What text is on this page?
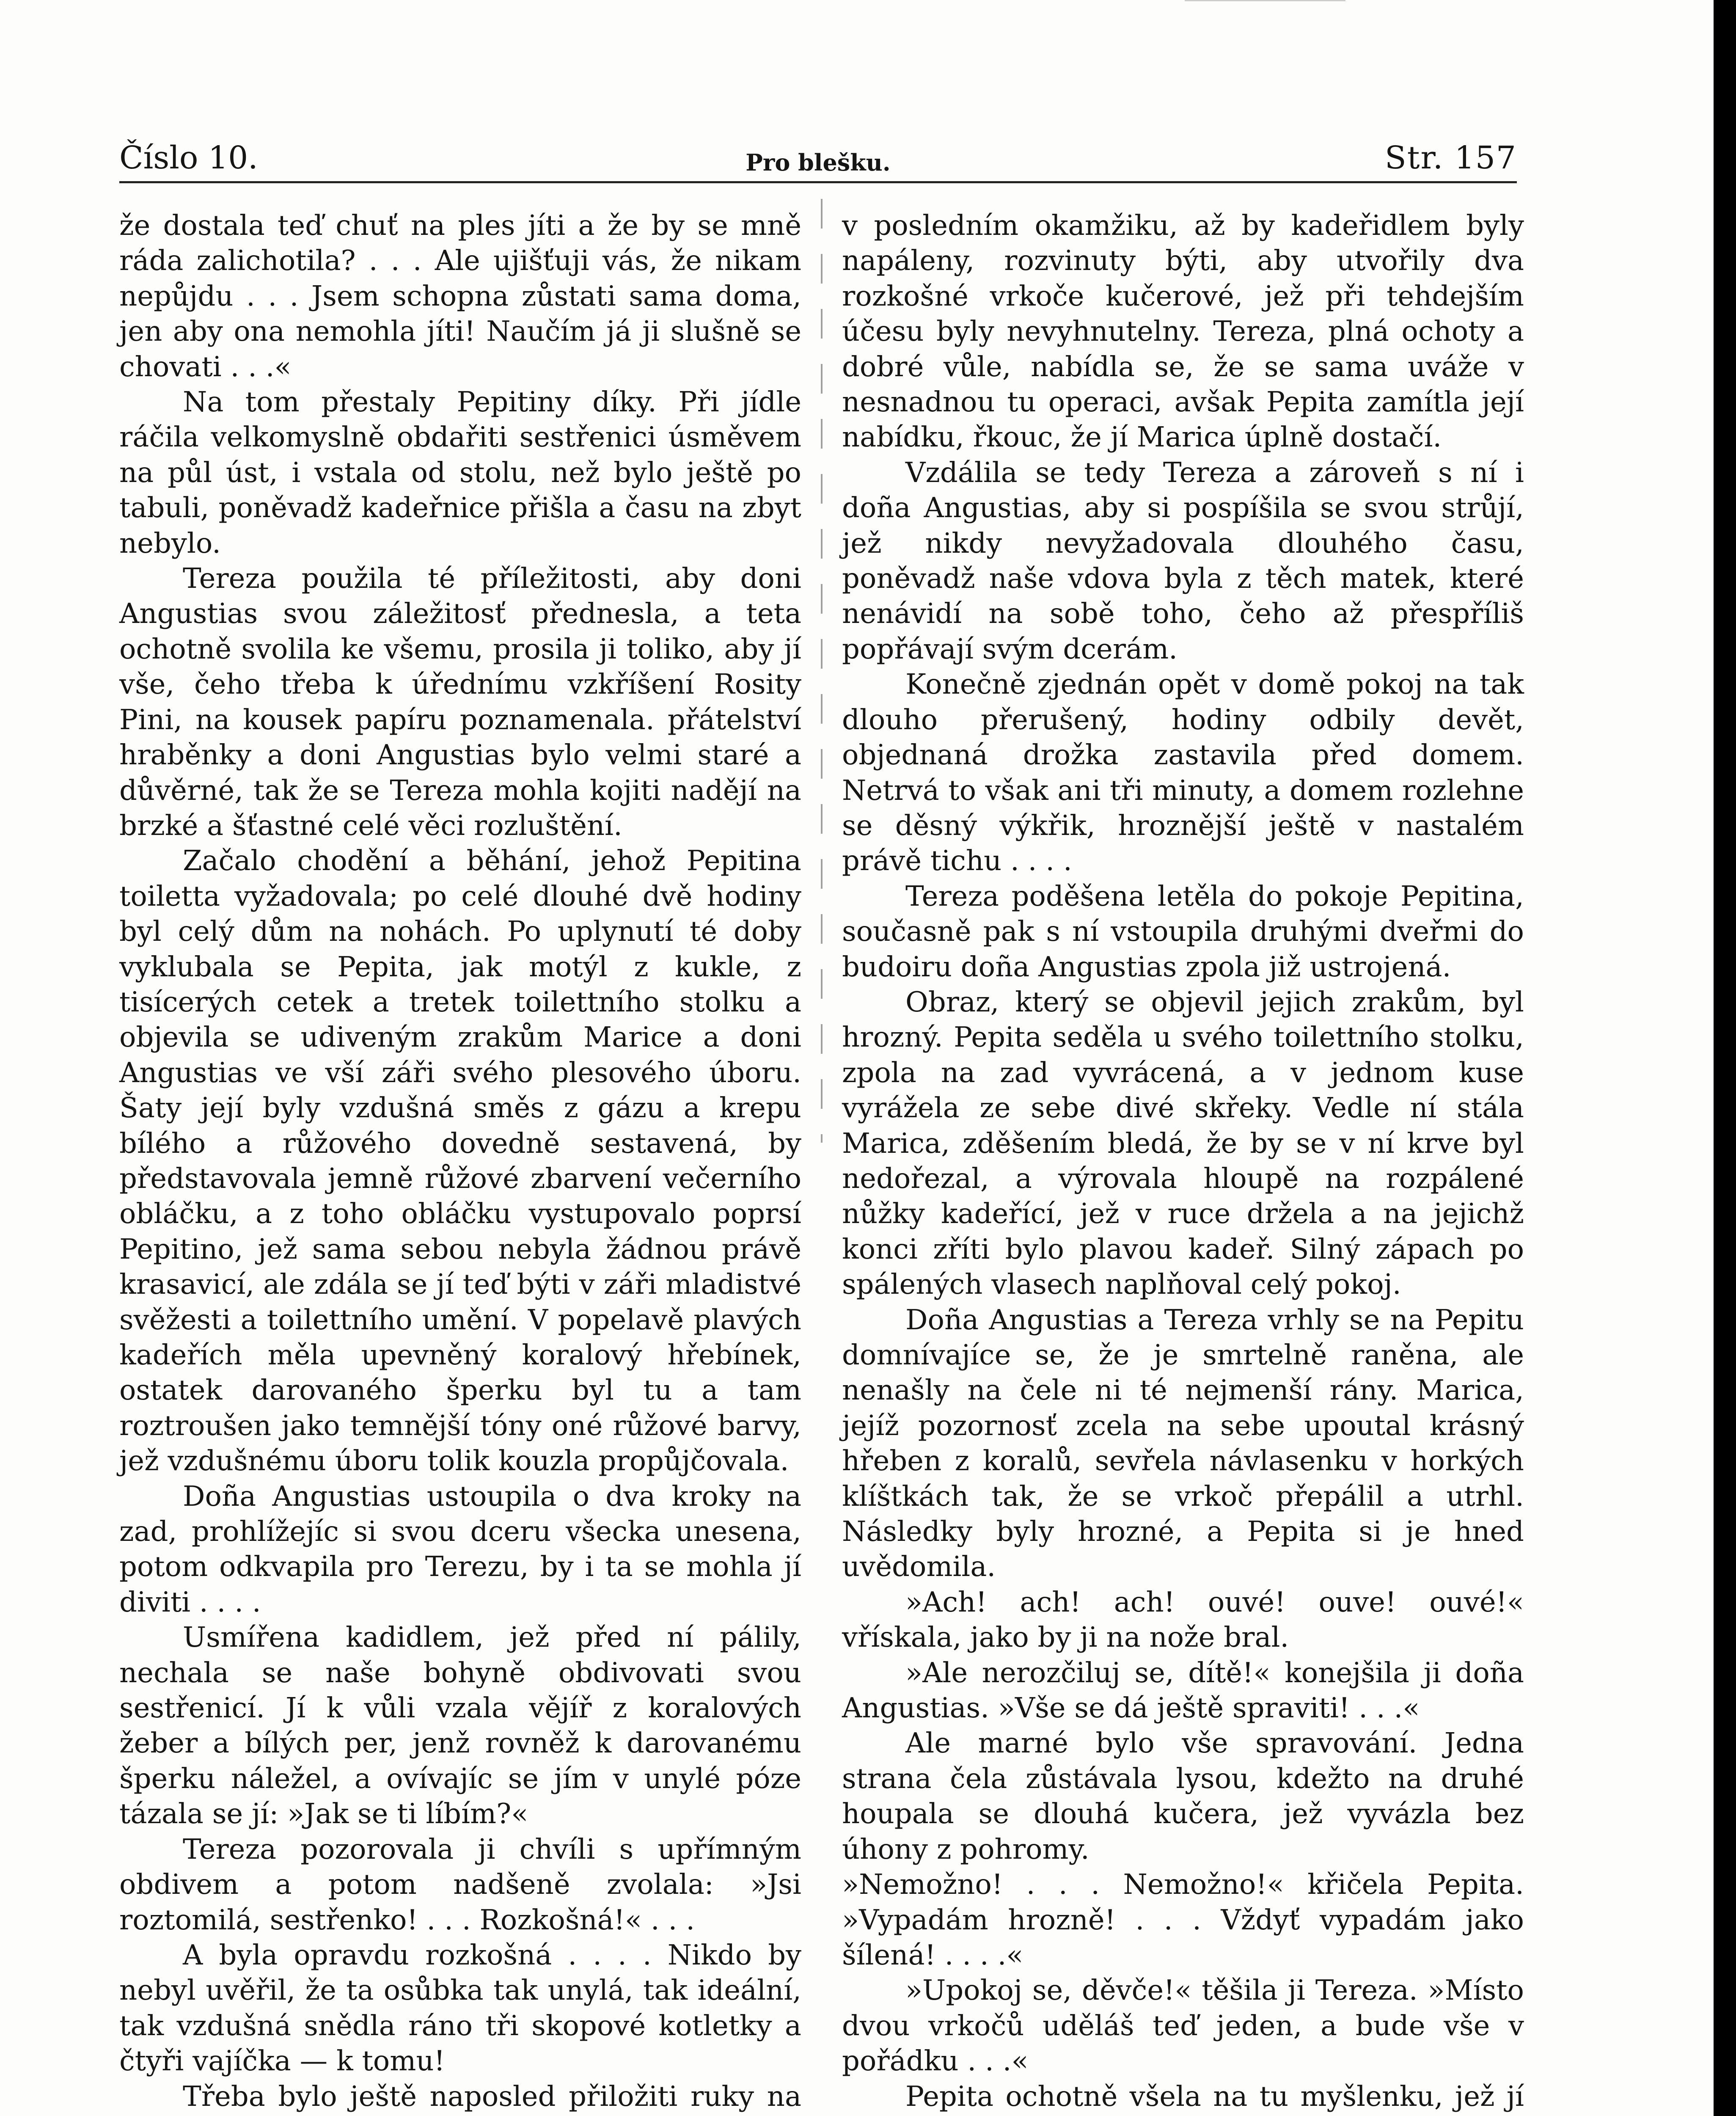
Číslo 10.	Pro blešku.	Str. 157

že dostala teď chuť na ples jíti a že by se mně ráda zalichotila? . . . Ale ujišťuji vás, že nikam nepůjdu . . . Jsem schopna zůstati sama doma, jen aby ona nemohla jíti! Naučím já ji slušně se chovati . . .«

Na tom přestaly Pepitiny díky. Při jídle ráčila velkomyslně obdařiti sestřenici úsměvem na půl úst, i vstala od stolu, než bylo ještě po tabuli, poněvadž kadeřnice přišla a času na zbyt nebylo.

Tereza použila té příležitosti, aby doni Angustias svou záležitosť přednesla, a teta ochotně svolila ke všemu, prosila ji toliko, aby jí vše, čeho třeba k úřednímu vzkříšení Rosity Pini, na kousek papíru poznamenala. přátelství hraběnky a doni Angustias bylo velmi staré a důvěrné, tak že se Tereza mohla kojiti nadějí na brzké a šťastné celé věci rozluštění.

Začalo chodění a běhání, jehož Pepitina toiletta vyžadovala; po celé dlouhé dvě hodiny byl celý dům na nohách. Po uplynutí té doby vyklubala se Pepita, jak motýl z kukle, z tisícerých cetek a tretek toilettního stolku a objevila se udiveným zrakům Marice a doni Angustias ve vší záři svého plesového úboru. Šaty její byly vzdušná směs z gázu a krepu bílého a růžového dovedně sestavená, by představovala jemně růžové zbarvení večerního obláčku, a z toho obláčku vystupovalo poprsí Pepitino, jež sama sebou nebyla žádnou právě krasavicí, ale zdála se jí teď býti v záři mladistvé svěžesti a toilettního umění. V popelavě plavých kadeřích měla upevněný koralový hřebínek, ostatek darovaného šperku byl tu a tam roztroušen jako temnější tóny oné růžové barvy, jež vzdušnému úboru tolik kouzla propůjčovala.

Doña Angustias ustoupila o dva kroky na zad, prohlížejíc si svou dceru všecka unesena, potom odkvapila pro Terezu, by i ta se mohla jí diviti . . . .

Usmířena kadidlem, jež před ní pálily, nechala se naše bohyně obdivovati svou sestřenicí. Jí k vůli vzala vějíř z koralových žeber a bílých per, jenž rovněž k darovanému šperku náležel, a ovívajíc se jím v unylé póze tázala se jí: »Jak se ti líbím?«

Tereza pozorovala ji chvíli s upřímným obdivem a potom nadšeně zvolala: »Jsi roztomilá, sestřenko! . . . Rozkošná!« . . .

A byla opravdu rozkošná . . . . Nikdo by nebyl uvěřil, že ta osůbka tak unylá, tak ideální, tak vzdušná snědla ráno tři skopové kotletky a čtyři vajíčka — k tomu!

Třeba bylo ještě naposled přiložiti ruky na

v posledním okamžiku, až by kadeřidlem byly napáleny, rozvinuty býti, aby utvořily dva rozkošné vrkoče kučerové, jež při tehdejším účesu byly nevyhnutelny. Tereza, plná ochoty a dobré vůle, nabídla se, že se sama uváže v nesnadnou tu operaci, avšak Pepita zamítla její nabídku, řkouc, že jí Marica úplně dostačí.

Vzdálila se tedy Tereza a zároveň s ní i doña Angustias, aby si pospíšila se svou strůjí, jež nikdy nevyžadovala dlouhého času, poněvadž naše vdova byla z těch matek, které nenávidí na sobě toho, čeho až přespříliš popřávají svým dcerám.

Konečně zjednán opět v domě pokoj na tak dlouho přerušený, hodiny odbily devět, objednaná drožka zastavila před domem. Netrvá to však ani tři minuty, a domem rozlehne se děsný výkřik, hroznější ještě v nastalém právě tichu . . . .

Tereza poděšena letěla do pokoje Pepitina, současně pak s ní vstoupila druhými dveřmi do budoiru doña Angustias zpola již ustrojená.

Obraz, který se objevil jejich zrakům, byl hrozný. Pepita seděla u svého toilettního stolku, zpola na zad vyvrácená, a v jednom kuse vyrážela ze sebe divé skřeky. Vedle ní stála Marica, zděšením bledá, že by se v ní krve byl nedořezal, a výrovala hloupě na rozpálené nůžky kadeřící, jež v ruce držela a na jejichž konci zříti bylo plavou kadeř. Silný zápach po spálených vlasech naplňoval celý pokoj.

Doña Angustias a Tereza vrhly se na Pepitu domnívajíce se, že je smrtelně raněna, ale nenašly na čele ni té nejmenší rány. Marica, jejíž pozornosť zcela na sebe upoutal krásný hřeben z koralů, sevřela návlasenku v horkých klíštkách tak, že se vrkoč přepálil a utrhl. Následky byly hrozné, a Pepita si je hned uvědomila.

»Ach! ach! ach! ouvé! ouve! ouvé!« vřískala, jako by ji na nože bral.

»Ale nerozčiluj se, dítě!« konejšila ji doña Angustias. »Vše se dá ještě spraviti! . . .«

Ale marné bylo vše spravování. Jedna strana čela zůstávala lysou, kdežto na druhé houpala se dlouhá kučera, jež vyvázla bez úhony z pohromy.

»Nemožno! . . . Nemožno!« křičela Pepita. »Vypadám hrozně! . . . Vždyť vypadám jako šílená! . . . .«

»Upokoj se, děvče!« těšila ji Tereza. »Místo dvou vrkočů uděláš teď jeden, a bude vše v pořádku . . .«

Pepita ochotně všela na tu myšlenku, jež jí
